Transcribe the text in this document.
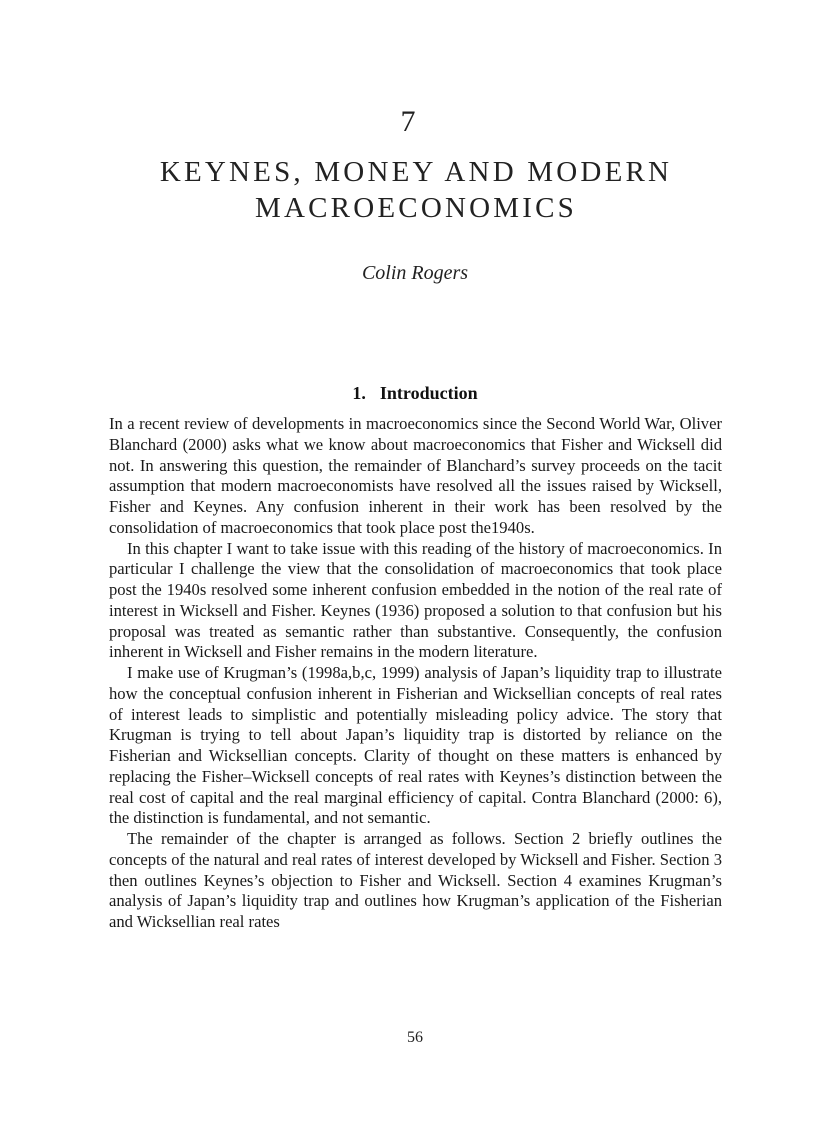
7
KEYNES, MONEY AND MODERN
MACROECONOMICS
Colin Rogers
1. Introduction

In a recent review of developments in macroeconomics since the Second World War, Oliver Blanchard (2000) asks what we know about macroeconomics that Fisher and Wicksell did not. In answering this question, the remainder of Blanchard’s survey proceeds on the tacit assumption that modern macroeconomists have resolved all the issues raised by Wicksell, Fisher and Keynes. Any confusion inherent in their work has been resolved by the consolidation of macroeconomics that took place post the1940s.

In this chapter I want to take issue with this reading of the history of macroeconomics. In particular I challenge the view that the consolidation of macroeconomics that took place post the 1940s resolved some inherent confusion embedded in the notion of the real rate of interest in Wicksell and Fisher. Keynes (1936) proposed a solution to that confusion but his proposal was treated as semantic rather than substantive. Consequently, the confusion inherent in Wicksell and Fisher remains in the modern literature.

I make use of Krugman’s (1998a,b,c, 1999) analysis of Japan’s liquidity trap to illustrate how the conceptual confusion inherent in Fisherian and Wicksellian concepts of real rates of interest leads to simplistic and potentially misleading policy advice. The story that Krugman is trying to tell about Japan’s liquidity trap is distorted by reliance on the Fisherian and Wicksellian concepts. Clarity of thought on these matters is enhanced by replacing the Fisher–Wicksell concepts of real rates with Keynes’s distinction between the real cost of capital and the real marginal efficiency of capital. Contra Blanchard (2000: 6), the distinction is fundamental, and not semantic.

The remainder of the chapter is arranged as follows. Section 2 briefly outlines the concepts of the natural and real rates of interest developed by Wicksell and Fisher. Section 3 then outlines Keynes’s objection to Fisher and Wicksell. Section 4 examines Krugman’s analysis of Japan’s liquidity trap and outlines how Krugman’s application of the Fisherian and Wicksellian real rates

56
